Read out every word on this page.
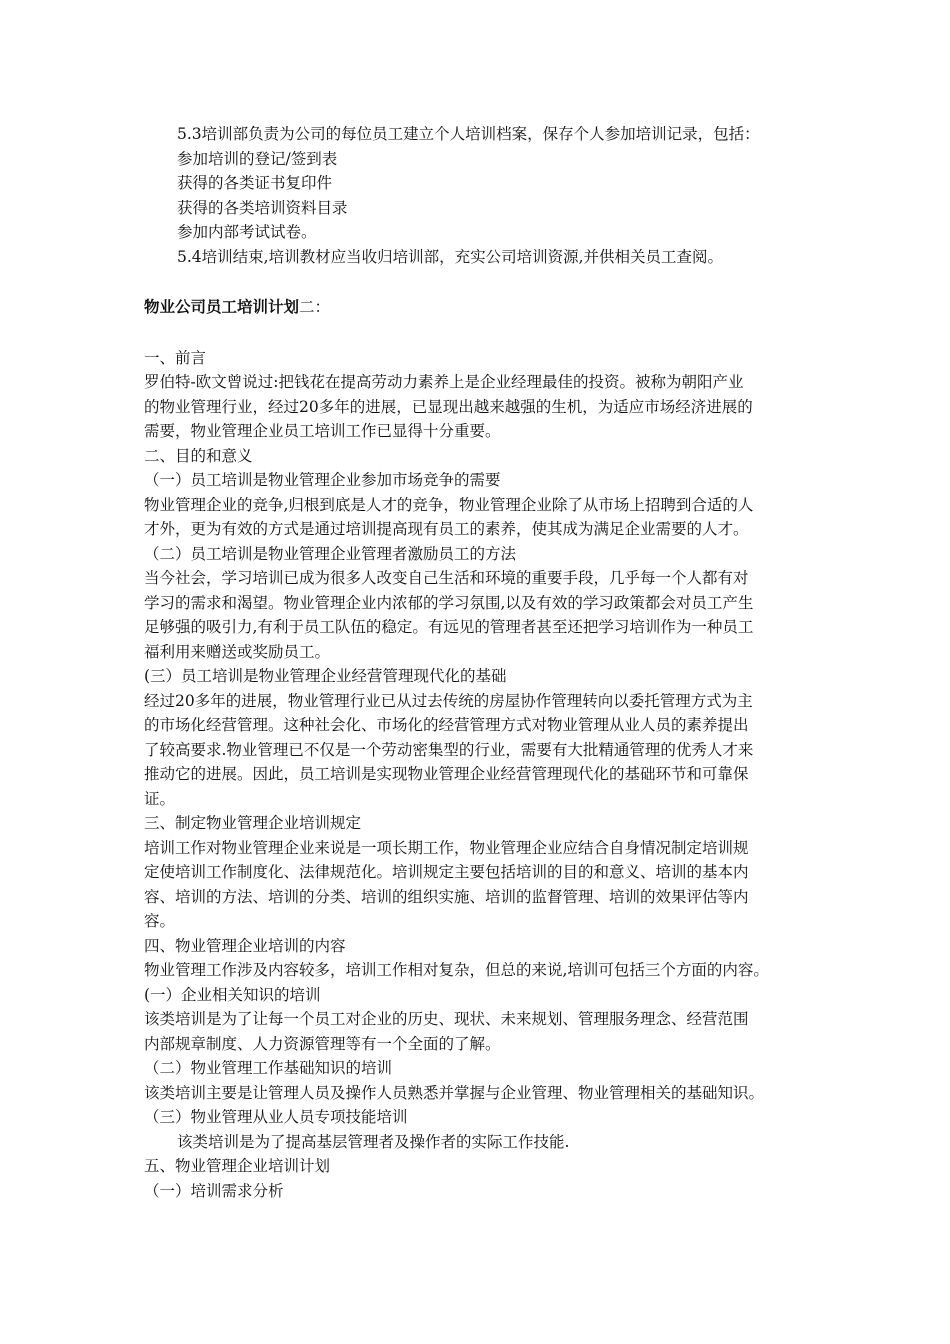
5.3培训部负责为公司的每位员工建立个人培训档案，保存个人参加培训记录，包括：
参加培训的登记/签到表
获得的各类证书复印件
获得的各类培训资料目录
参加内部考试试卷。
5.4培训结束,培训教材应当收归培训部，充实公司培训资源,并供相关员工查阅。
物业公司员工培训计划二：
一、前言
罗伯特-欧文曾说过:把钱花在提高劳动力素养上是企业经理最佳的投资。被称为朝阳产业
的物业管理行业，经过20多年的进展，已显现出越来越强的生机，为适应市场经济进展的
需要，物业管理企业员工培训工作已显得十分重要。
二、目的和意义
（一）员工培训是物业管理企业参加市场竞争的需要
物业管理企业的竞争,归根到底是人才的竞争，物业管理企业除了从市场上招聘到合适的人
才外，更为有效的方式是通过培训提高现有员工的素养，使其成为满足企业需要的人才。
（二）员工培训是物业管理企业管理者激励员工的方法
当今社会，学习培训已成为很多人改变自己生活和环境的重要手段，几乎每一个人都有对
学习的需求和渴望。物业管理企业内浓郁的学习氛围,以及有效的学习政策都会对员工产生
足够强的吸引力,有利于员工队伍的稳定。有远见的管理者甚至还把学习培训作为一种员工
福利用来赠送或奖励员工。
(三）员工培训是物业管理企业经营管理现代化的基础
经过20多年的进展，物业管理行业已从过去传统的房屋协作管理转向以委托管理方式为主
的市场化经营管理。这种社会化、市场化的经营管理方式对物业管理从业人员的素养提出
了较高要求.物业管理已不仅是一个劳动密集型的行业，需要有大批精通管理的优秀人才来
推动它的进展。因此，员工培训是实现物业管理企业经营管理现代化的基础环节和可靠保
证。
三、制定物业管理企业培训规定
培训工作对物业管理企业来说是一项长期工作，物业管理企业应结合自身情况制定培训规
定使培训工作制度化、法律规范化。培训规定主要包括培训的目的和意义、培训的基本内
容、培训的方法、培训的分类、培训的组织实施、培训的监督管理、培训的效果评估等内
容。
四、物业管理企业培训的内容
物业管理工作涉及内容较多，培训工作相对复杂，但总的来说,培训可包括三个方面的内容。
(一）企业相关知识的培训
该类培训是为了让每一个员工对企业的历史、现状、未来规划、管理服务理念、经营范围
内部规章制度、人力资源管理等有一个全面的了解。
（二）物业管理工作基础知识的培训
该类培训主要是让管理人员及操作人员熟悉并掌握与企业管理、物业管理相关的基础知识。
（三）物业管理从业人员专项技能培训
该类培训是为了提高基层管理者及操作者的实际工作技能.
五、物业管理企业培训计划
（一）培训需求分析
